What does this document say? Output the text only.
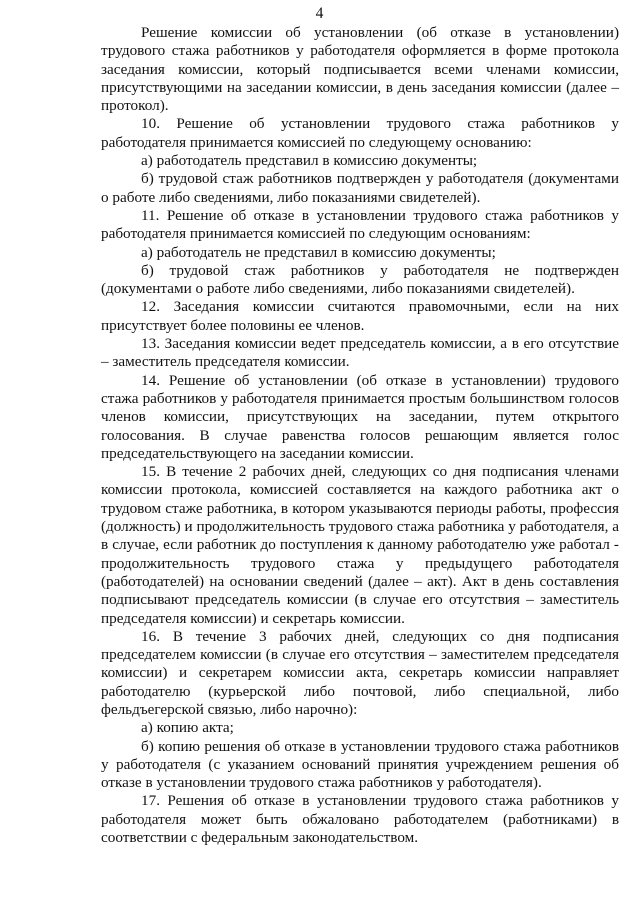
4

Решение комиссии об установлении (об отказе в установлении) трудового стажа работников у работодателя оформляется в форме протокола заседания комиссии, который подписывается всеми членами комиссии, присутствующими на заседании комиссии, в день заседания комиссии (далее – протокол).

10. Решение об установлении трудового стажа работников у работодателя принимается комиссией по следующему основанию:

а) работодатель представил в комиссию документы;

б) трудовой стаж работников подтвержден у работодателя (документами о работе либо сведениями, либо показаниями свидетелей).

11. Решение об отказе в установлении трудового стажа работников у работодателя принимается комиссией по следующим основаниям:

а) работодатель не представил в комиссию документы;

б) трудовой стаж работников у работодателя не подтвержден (документами о работе либо сведениями, либо показаниями свидетелей).

12. Заседания комиссии считаются правомочными, если на них присутствует более половины ее членов.

13. Заседания комиссии ведет председатель комиссии, а в его отсутствие – заместитель председателя комиссии.

14. Решение об установлении (об отказе в установлении) трудового стажа работников у работодателя принимается простым большинством голосов членов комиссии, присутствующих на заседании, путем открытого голосования. В случае равенства голосов решающим является голос председательствующего на заседании комиссии.

15. В течение 2 рабочих дней, следующих со дня подписания членами комиссии протокола, комиссией составляется на каждого работника акт о трудовом стаже работника, в котором указываются периоды работы, профессия (должность) и продолжительность трудового стажа работника у работодателя, а в случае, если работник до поступления к данному работодателю уже работал - продолжительность трудового стажа у предыдущего работодателя (работодателей) на основании сведений (далее – акт). Акт в день составления подписывают председатель комиссии (в случае его отсутствия – заместитель председателя комиссии) и секретарь комиссии.

16. В течение 3 рабочих дней, следующих со дня подписания председателем комиссии (в случае его отсутствия – заместителем председателя комиссии) и секретарем комиссии акта, секретарь комиссии направляет работодателю (курьерской либо почтовой, либо специальной, либо фельдъегерской связью, либо нарочно):

а) копию акта;

б) копию решения об отказе в установлении трудового стажа работников у работодателя (с указанием оснований принятия учреждением решения об отказе в установлении трудового стажа работников у работодателя).

17. Решения об отказе в установлении трудового стажа работников у работодателя может быть обжаловано работодателем (работниками) в соответствии с федеральным законодательством.
